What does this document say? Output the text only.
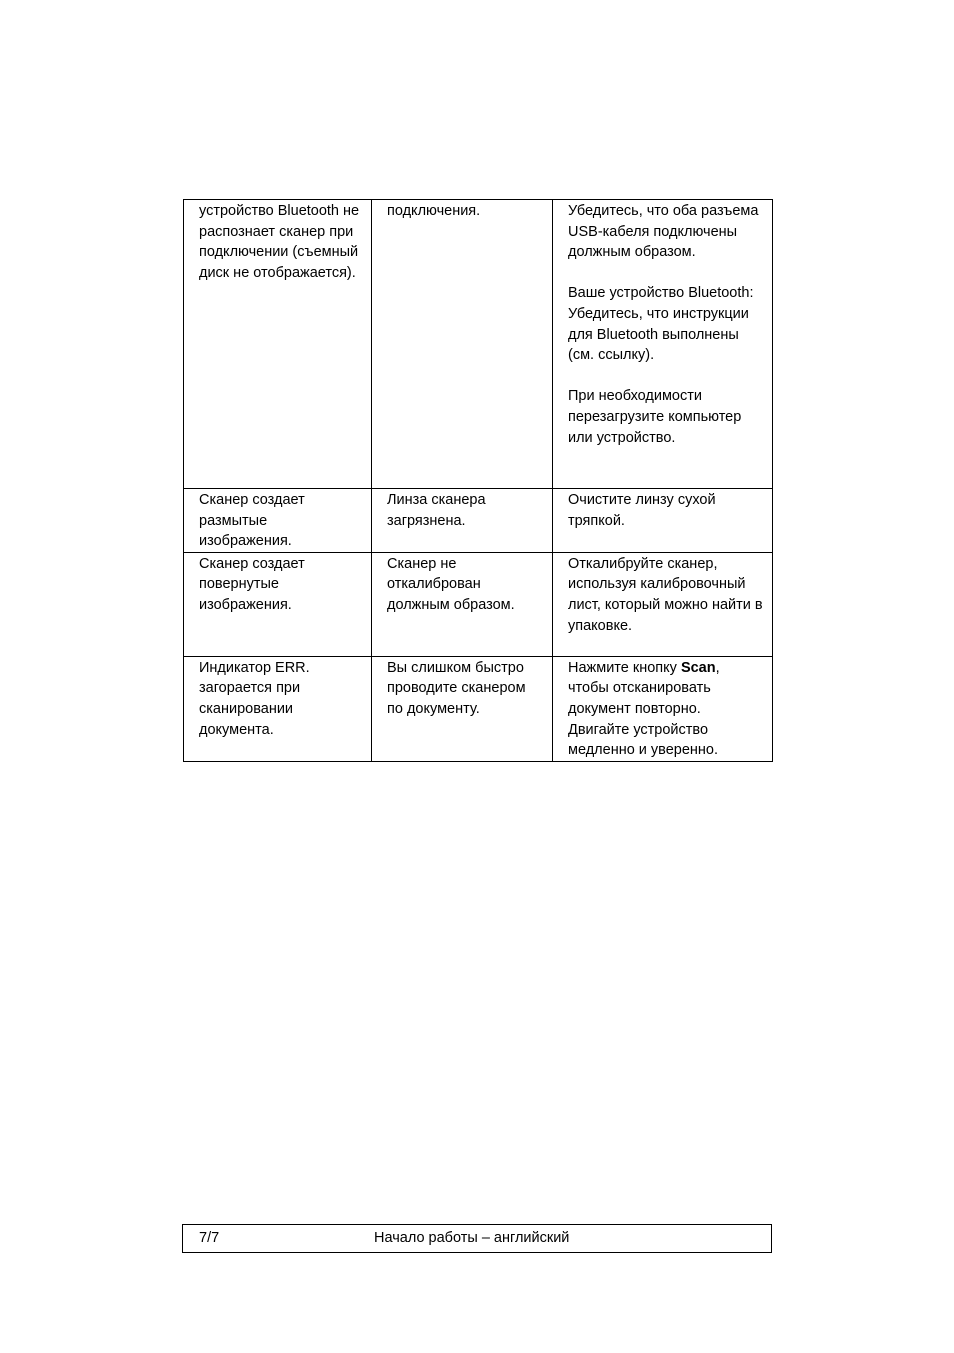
устройство Bluetooth не распознает сканер при подключении (съемный диск не отображается).	подключения.	Убедитесь, что оба разъема USB-кабеля подключены должным образом.
Ваше устройство Bluetooth:
Убедитесь, что инструкции для Bluetooth выполнены (см. ссылку).
При необходимости перезагрузите компьютер или устройство.

Сканер создает размытые изображения.	Линза сканера загрязнена.	Очистите линзу сухой тряпкой.
Сканер создает повернутые изображения.	Сканер не откалиброван должным образом.	Откалибруйте сканер, используя калибровочный лист, который можно найти в упаковке.
Индикатор ERR. загорается при сканировании документа.	Вы слишком быстро проводите сканером по документу.	Нажмите кнопку Scan, чтобы отсканировать документ повторно. Двигайте устройство медленно и уверенно.
7/7	Начало работы – английский
